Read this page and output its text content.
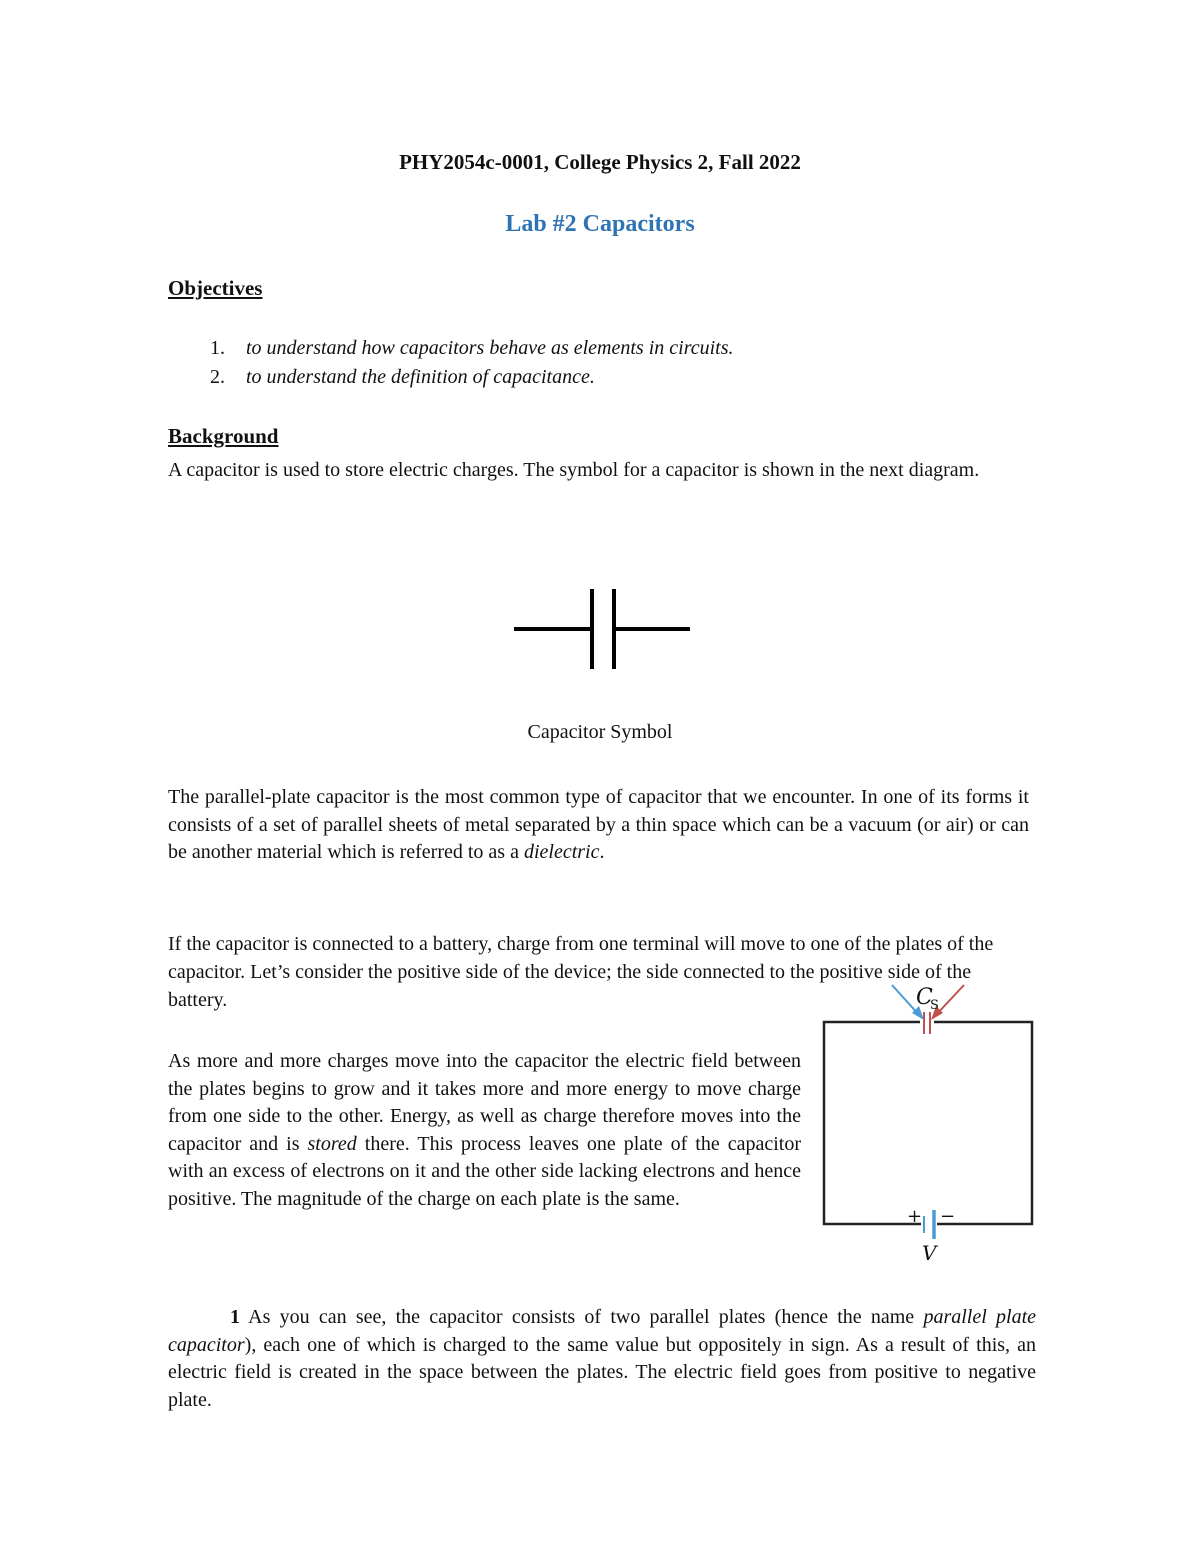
PHY2054c-0001, College Physics 2, Fall 2022
Lab #2 Capacitors
Objectives
1.	to understand how capacitors behave as elements in circuits.
2.	to understand the definition of capacitance.
Background
A capacitor is used to store electric charges. The symbol for a capacitor is shown in the next diagram.
Capacitor Symbol
The parallel-plate capacitor is the most common type of capacitor that we encounter. In one of its forms it consists of a set of parallel sheets of metal separated by a thin space which can be a vacuum (or air) or can be another material which is referred to as a dielectric.
If the capacitor is connected to a battery, charge from one terminal will move to one of the plates of the capacitor. Let’s consider the positive side of the device; the side connected to the positive side of the battery.
As more and more charges move into the capacitor the electric field between the plates begins to grow and it takes more and more energy to move charge from one side to the other. Energy, as well as charge therefore moves into the capacitor and is stored there. This process leaves one plate of the capacitor with an excess of electrons on it and the other side lacking electrons and hence positive. The magnitude of the charge on each plate is the same.
C
S
+ −
V
1 As you can see, the capacitor consists of two parallel plates (hence the name parallel plate capacitor), each one of which is charged to the same value but oppositely in sign. As a result of this, an electric field is created in the space between the plates. The electric field goes from positive to negative plate.
